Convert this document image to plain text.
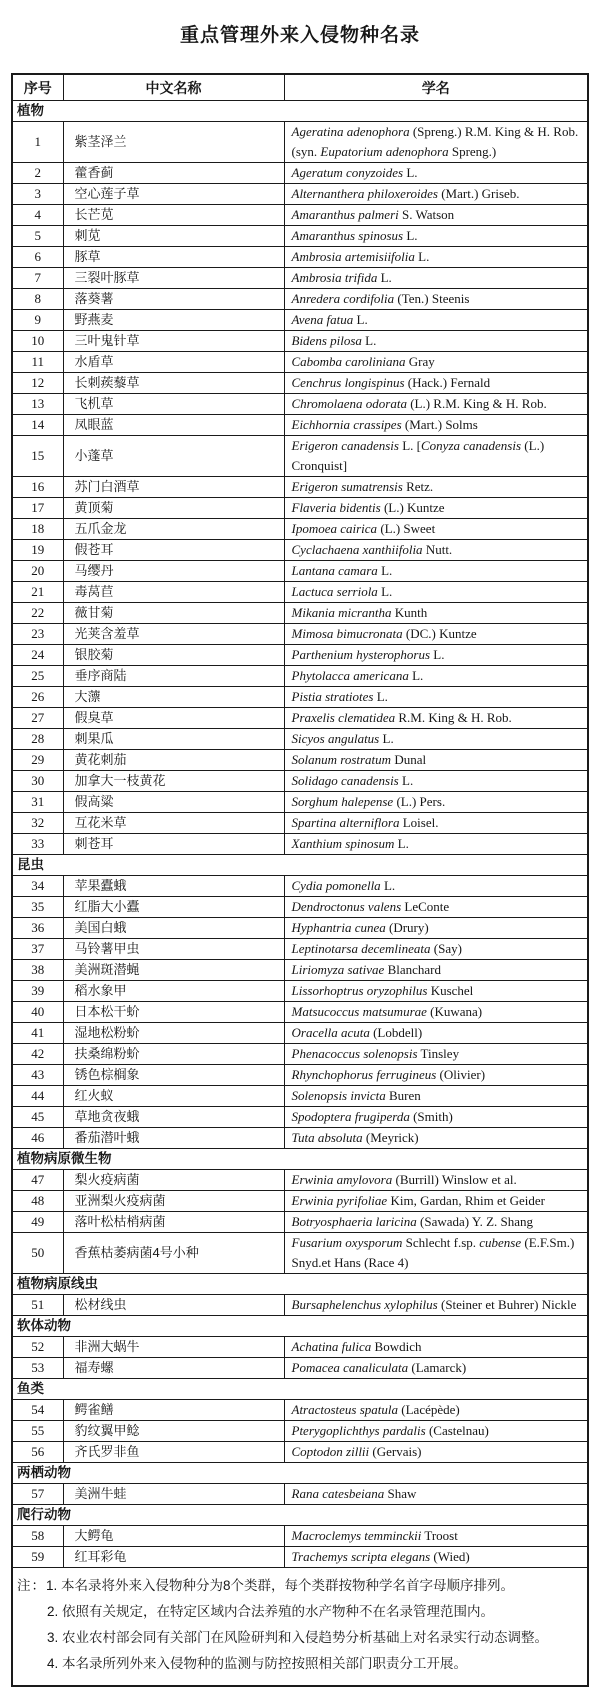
重点管理外来入侵物种名录
序号	中文名称	学名
植物		
1	紫茎泽兰	Ageratina adenophora (Spreng.) R.M. King & H. Rob. (syn. Eupatorium adenophora Spreng.)
2	藿香蓟	Ageratum conyzoides L.
3	空心莲子草	Alternanthera philoxeroides (Mart.) Griseb.
4	长芒苋	Amaranthus palmeri S. Watson
5	刺苋	Amaranthus spinosus L.
6	豚草	Ambrosia artemisiifolia L.
7	三裂叶豚草	Ambrosia trifida L.
8	落葵薯	Anredera cordifolia (Ten.) Steenis
9	野燕麦	Avena fatua L.
10	三叶鬼针草	Bidens pilosa L.
11	水盾草	Cabomba caroliniana Gray
12	长刺蒺藜草	Cenchrus longispinus (Hack.) Fernald
13	飞机草	Chromolaena odorata (L.) R.M. King & H. Rob.
14	凤眼蓝	Eichhornia crassipes (Mart.) Solms
15	小蓬草	Erigeron canadensis L. [Conyza canadensis (L.) Cronquist]
16	苏门白酒草	Erigeron sumatrensis Retz.
17	黄顶菊	Flaveria bidentis (L.) Kuntze
18	五爪金龙	Ipomoea cairica (L.) Sweet
19	假苍耳	Cyclachaena xanthiifolia Nutt.
20	马缨丹	Lantana camara L.
21	毒莴苣	Lactuca serriola L.
22	薇甘菊	Mikania micrantha Kunth
23	光荚含羞草	Mimosa bimucronata (DC.) Kuntze
24	银胶菊	Parthenium hysterophorus L.
25	垂序商陆	Phytolacca americana L.
26	大薸	Pistia stratiotes L.
27	假臭草	Praxelis clematidea R.M. King & H. Rob.
28	刺果瓜	Sicyos angulatus L.
29	黄花刺茄	Solanum rostratum Dunal
30	加拿大一枝黄花	Solidago canadensis L.
31	假高粱	Sorghum halepense (L.) Pers.
32	互花米草	Spartina alterniflora Loisel.
33	刺苍耳	Xanthium spinosum L.
昆虫		
34	苹果蠹蛾	Cydia pomonella L.
35	红脂大小蠹	Dendroctonus valens LeConte
36	美国白蛾	Hyphantria cunea (Drury)
37	马铃薯甲虫	Leptinotarsa decemlineata (Say)
38	美洲斑潜蝇	Liriomyza sativae Blanchard
39	稻水象甲	Lissorhoptrus oryzophilus Kuschel
40	日本松干蚧	Matsucoccus matsumurae (Kuwana)
41	湿地松粉蚧	Oracella acuta (Lobdell)
42	扶桑绵粉蚧	Phenacoccus solenopsis Tinsley
43	锈色棕榈象	Rhynchophorus ferrugineus (Olivier)
44	红火蚁	Solenopsis invicta Buren
45	草地贪夜蛾	Spodoptera frugiperda (Smith)
46	番茄潜叶蛾	Tuta absoluta (Meyrick)
植物病原微生物		
47	梨火疫病菌	Erwinia amylovora (Burrill) Winslow et al.
48	亚洲梨火疫病菌	Erwinia pyrifoliae Kim, Gardan, Rhim et Geider
49	落叶松枯梢病菌	Botryosphaeria laricina (Sawada) Y. Z. Shang
50	香蕉枯萎病菌4号小种	Fusarium oxysporum Schlecht f.sp. cubense (E.F.Sm.) Snyd.et Hans (Race 4)
植物病原线虫		
51	松材线虫	Bursaphelenchus xylophilus (Steiner et Buhrer) Nickle
软体动物		
52	非洲大蜗牛	Achatina fulica Bowdich
53	福寿螺	Pomacea canaliculata (Lamarck)
鱼类		
54	鳄雀鳝	Atractosteus spatula (Lacépède)
55	豹纹翼甲鲶	Pterygoplichthys pardalis (Castelnau)
56	齐氏罗非鱼	Coptodon zillii (Gervais)
两栖动物		
57	美洲牛蛙	Rana catesbeiana Shaw
爬行动物		
58	大鳄龟	Macroclemys temminckii Troost
59	红耳彩龟	Trachemys scripta elegans (Wied)

注：1. 本名录将外来入侵物种分为8个类群，每个类群按物种学名首字母顺序排列。
2. 依照有关规定，在特定区域内合法养殖的水产物种不在名录管理范围内。
3. 农业农村部会同有关部门在风险研判和入侵趋势分析基础上对名录实行动态调整。
4. 本名录所列外来入侵物种的监测与防控按照相关部门职责分工开展。		
